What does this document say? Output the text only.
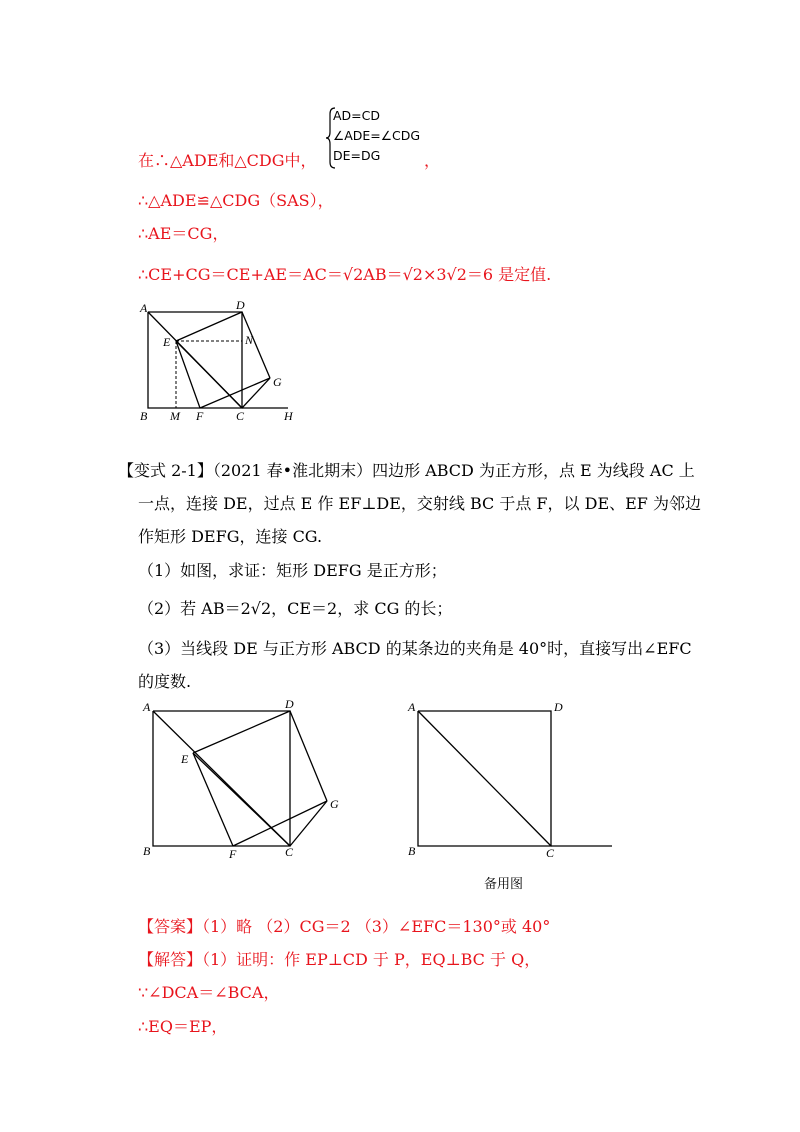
在∴△ADE和△CDG中，
AD=CD
∠ADE=∠CDG
DE=DG	，
∴△ADE≌△CDG（SAS），
∴AE＝CG，
∴CE+CG＝CE+AE＝AC＝√2AB＝√2×3√2＝6 是定值.
A	D
E	N
G
B M F	C	H
【变式 2-1】（2021 春•淮北期末）四边形 ABCD 为正方形，点 E 为线段 AC 上
一点，连接 DE，过点 E 作 EF⊥DE，交射线 BC 于点 F，以 DE、EF 为邻边
作矩形 DEFG，连接 CG.
（1）如图，求证：矩形 DEFG 是正方形；
（2）若 AB＝2√2，CE＝2，求 CG 的长；
（3）当线段 DE 与正方形 ABCD 的某条边的夹角是 40°时，直接写出∠EFC
的度数.
A	D
E
G
B	F	C
A	D
B	C
备用图
【答案】（1）略 （2）CG＝2 （3）∠EFC＝130°或 40°
【解答】（1）证明：作 EP⊥CD 于 P，EQ⊥BC 于 Q，
∵∠DCA＝∠BCA，
∴EQ＝EP，
